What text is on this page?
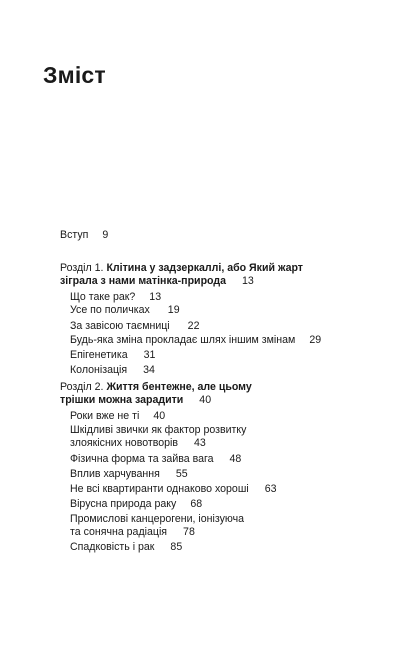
Зміст
Вступ 9
Розділ 1. Клітина у задзеркаллі, або Який жарт
зіграла з нами матінка-природа 13
Що таке рак? 13
Усе по поличках 19
За завісою таємниці 22
Будь-яка зміна прокладає шлях іншим змінам 29
Епігенетика 31
Колонізація 34
Розділ 2. Життя бентежне, але цьому
трішки можна зарадити 40
Роки вже не ті 40
Шкідливі звички як фактор розвитку
злоякісних новотворів 43
Фізична форма та зайва вага 48
Вплив харчування 55
Не всі квартиранти однаково хороші 63
Вірусна природа раку 68
Промислові канцерогени, іонізуюча
та сонячна радіація 78
Спадковість і рак 85
